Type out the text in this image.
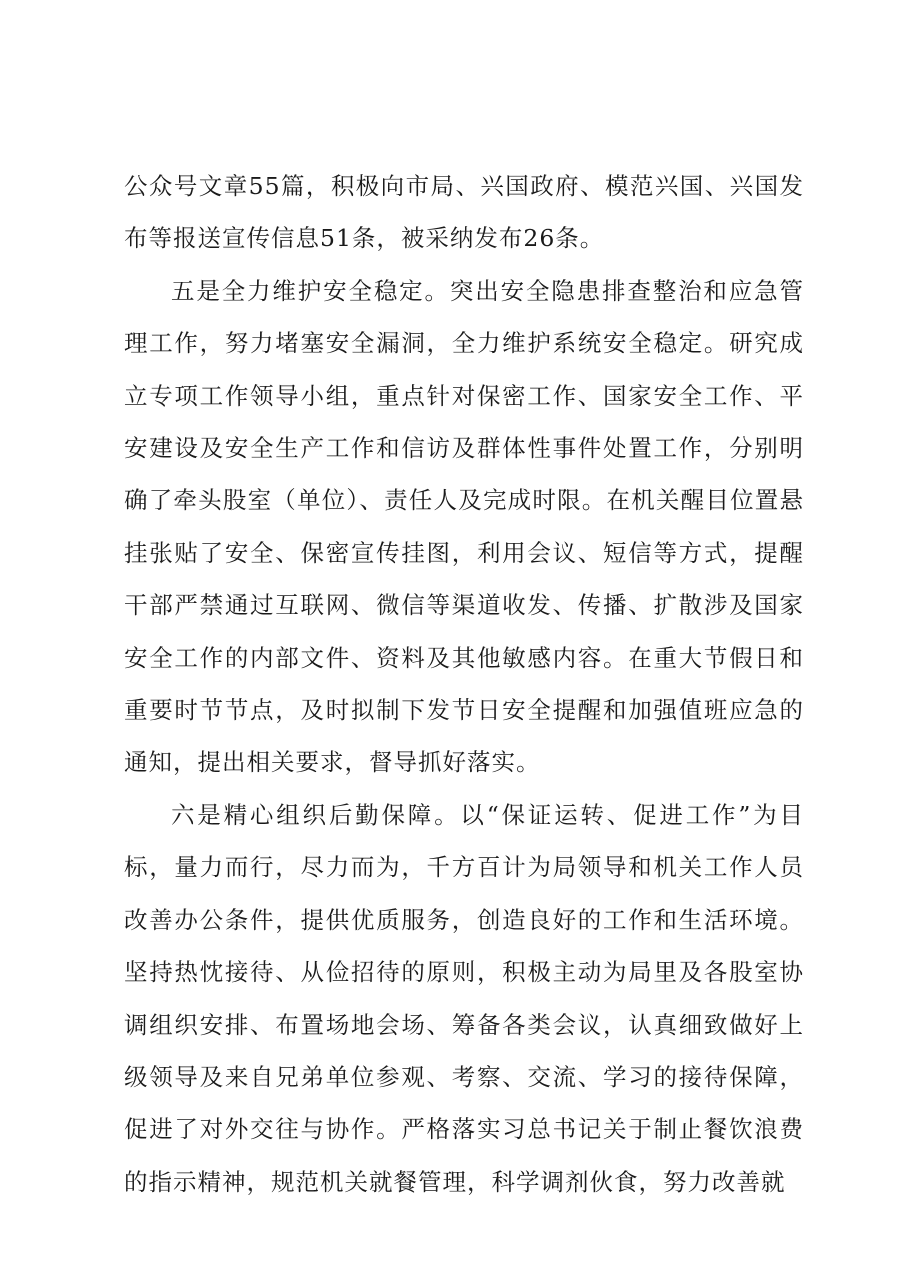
公众号文章55篇，积极向市局、兴国政府、模范兴国、兴国发布等报送宣传信息51条，被采纳发布26条。

五是全力维护安全稳定。突出安全隐患排查整治和应急管理工作，努力堵塞安全漏洞，全力维护系统安全稳定。研究成立专项工作领导小组，重点针对保密工作、国家安全工作、平安建设及安全生产工作和信访及群体性事件处置工作，分别明确了牵头股室（单位）、责任人及完成时限。在机关醒目位置悬挂张贴了安全、保密宣传挂图，利用会议、短信等方式，提醒干部严禁通过互联网、微信等渠道收发、传播、扩散涉及国家安全工作的内部文件、资料及其他敏感内容。在重大节假日和重要时节节点，及时拟制下发节日安全提醒和加强值班应急的通知，提出相关要求，督导抓好落实。

六是精心组织后勤保障。以“保证运转、促进工作”为目标，量力而行，尽力而为，千方百计为局领导和机关工作人员改善办公条件，提供优质服务，创造良好的工作和生活环境。坚持热忱接待、从俭招待的原则，积极主动为局里及各股室协调组织安排、布置场地会场、筹备各类会议，认真细致做好上级领导及来自兄弟单位参观、考察、交流、学习的接待保障，促进了对外交往与协作。严格落实习总书记关于制止餐饮浪费的指示精神，规范机关就餐管理，科学调剂伙食，努力改善就
